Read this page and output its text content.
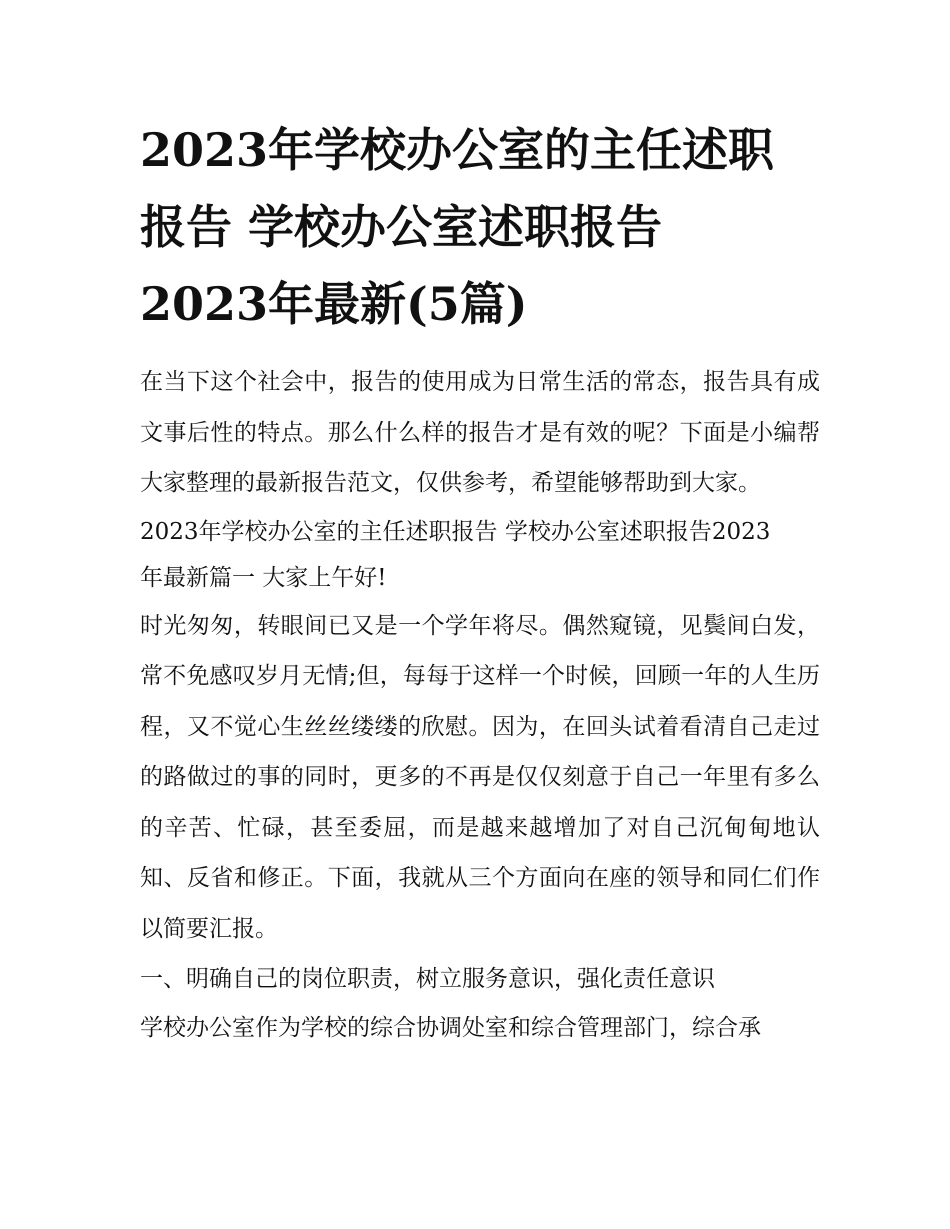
2023年学校办公室的主任述职
报告 学校办公室述职报告
2023年最新(5篇)

在当下这个社会中，报告的使用成为日常生活的常态，报告具有成文事后性的特点。那么什么样的报告才是有效的呢？下面是小编帮大家整理的最新报告范文，仅供参考，希望能够帮助到大家。

2023年学校办公室的主任述职报告 学校办公室述职报告2023
年最新篇一 大家上午好!

时光匆匆，转眼间已又是一个学年将尽。偶然窥镜，见鬓间白发，常不免感叹岁月无情;但，每每于这样一个时候，回顾一年的人生历程，又不觉心生丝丝缕缕的欣慰。因为，在回头试着看清自己走过的路做过的事的同时，更多的不再是仅仅刻意于自己一年里有多么的辛苦、忙碌，甚至委屈，而是越来越增加了对自己沉甸甸地认知、反省和修正。下面，我就从三个方面向在座的领导和同仁们作以简要汇报。

一、明确自己的岗位职责，树立服务意识，强化责任意识

学校办公室作为学校的综合协调处室和综合管理部门，综合承
